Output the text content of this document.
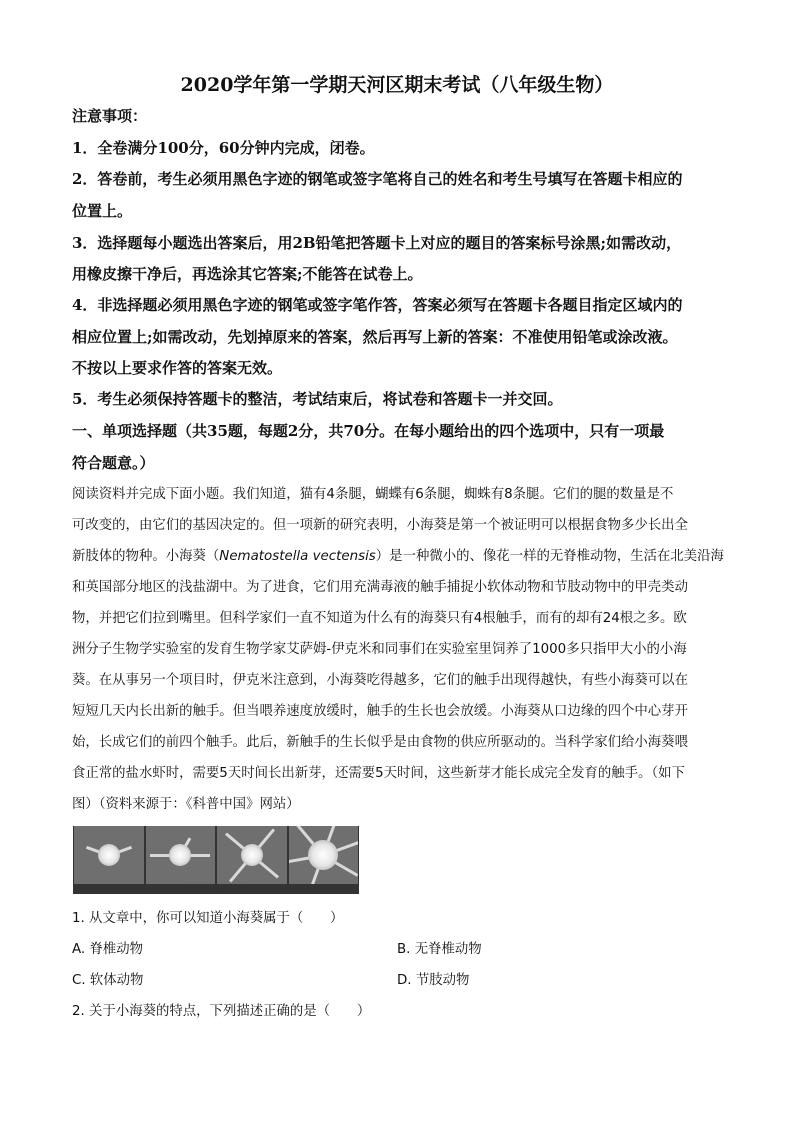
2020学年第一学期天河区期末考试（八年级生物）
注意事项：
1．全卷满分100分，60分钟内完成，闭卷。
2．答卷前，考生必须用黑色字迹的钢笔或签字笔将自己的姓名和考生号填写在答题卡相应的
位置上。
3．选择题每小题选出答案后，用2B铅笔把答题卡上对应的题目的答案标号涂黑;如需改动，
用橡皮擦干净后，再选涂其它答案;不能答在试卷上。
4．非选择题必须用黑色字迹的钢笔或签字笔作答，答案必须写在答题卡各题目指定区域内的
相应位置上;如需改动，先划掉原来的答案，然后再写上新的答案：不准使用铅笔或涂改液。
不按以上要求作答的答案无效。
5．考生必须保持答题卡的整洁，考试结束后，将试卷和答题卡一并交回。
一、单项选择题（共35题，每题2分，共70分。在每小题给出的四个选项中，只有一项最
符合题意。）
阅读资料并完成下面小题。我们知道，猫有4条腿，蝴蝶有6条腿，蜘蛛有8条腿。它们的腿的数量是不
可改变的，由它们的基因决定的。但一项新的研究表明，小海葵是第一个被证明可以根据食物多少长出全
新肢体的物种。小海葵（Nematostella vectensis）是一种微小的、像花一样的无脊椎动物，生活在北美沿海
和英国部分地区的浅盐湖中。为了进食，它们用充满毒液的触手捕捉小软体动物和节肢动物中的甲壳类动
物，并把它们拉到嘴里。但科学家们一直不知道为什么有的海葵只有4根触手，而有的却有24根之多。欧
洲分子生物学实验室的发育生物学家艾萨姆-伊克米和同事们在实验室里饲养了1000多只指甲大小的小海
葵。在从事另一个项目时，伊克米注意到，小海葵吃得越多，它们的触手出现得越快，有些小海葵可以在
短短几天内长出新的触手。但当喂养速度放缓时，触手的生长也会放缓。小海葵从口边缘的四个中心芽开
始，长成它们的前四个触手。此后，新触手的生长似乎是由食物的供应所驱动的。当科学家们给小海葵喂
食正常的盐水虾时，需要5天时间长出新芽，还需要5天时间，这些新芽才能长成完全发育的触手。（如下
图）（资料来源于：《科普中国》网站）
小海葵长出新触手的过程图
1. 从文章中，你可以知道小海葵属于（　　）
A. 脊椎动物	B. 无脊椎动物
C. 软体动物	D. 节肢动物
2. 关于小海葵的特点，下列描述正确的是（　　）
